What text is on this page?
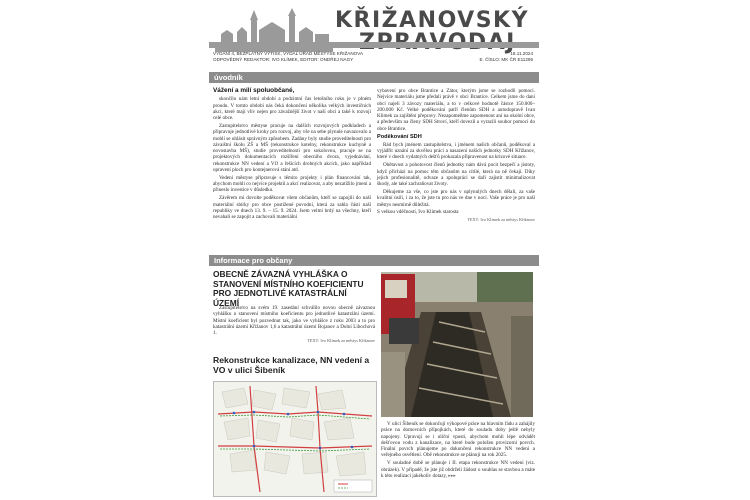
KŘIŽANOVSKÝ
VYDÁNÍ 4, BEZPLATNÝ VÝTISK, VYDAL ÚŘAD MĚSTYSE KŘIŽANOVA
ODPOVĚDNÝ REDAKTOR: IVO KLÍMEK, EDITOR: ONDŘEJ NAGY
18.11.2024
E. ČÍSLO: MK ČR E11295
úvodník
Vážení a milí spoluobčané,

skončilo nám letní období a podzimní čas letošního roku je v plném proudu. V tomto období nás čeká dokončení několika velkých investičních akcí, které mají vliv nejen pro závažnější život v naší obci a také k rozvoji celé obce.

Zastupitelstvo městyse pracuje na dalších rozvojových podkladech a připravuje jednotlivé kroky pro rozvoj, aby vše na sebe plynule navazovalo a mohlí se uhlásit správným způsobem. Zadány byly studie proveditelnosti pro závaištní školu ZŠ a MŠ (rekonstrukce kotelny, rekonstrukce kuchyně a novostavba MŠ), studie proveditelnosti pro sokolovnu, pracuje se na projektových dokumentacích rozšíření obecního dvora, vyjednávání, rekonstrukce NN vedení a VO a řešících drobných akcích, jako například opravení ploch pro kontejnerová stání atd.

Vedení městyse připravuje s těmito projekty i plán financování tak, abychom mohli co nejvíce projektů a akcí realizovat, a aby nezatížilo jmení a přineslo investice v důsledku.

Závěrem mi dovolte poděkovat všem občanům, kteří se zapojili do naší materiální sbírky pro obce postižené povodní, která za sahla části naší republiky ve dnech 13. 9. – 15. 9. 2024. Jsem velmi hrdý na všechny, kteří nevahali se zapojit a zachovali materiální

vybavení pro obce Brantice a Zátor, kterým jsme se rozhodli pomoci. Nejvíce materiálu jsme předali právě v obci Brantice. Celkem jsme do daní obcí najeli 3 závozy materiálu, a to v celkové hodnotě částce 150.000–200.000 Kč. Velké poděkování patří členům SDH a autodopravě Ivan Klimek za zajištění přepravy. Nezapomeňme zapomenout ani na okolní obce, a především na členy SDH Stroví, kteří dovezli a vyrazili soubor pomoci do obce Brantice.

Poděkování SDH

Rád bych jménem zastupitelstva, i jménem naších občanů, poděkoval a vyjádřit uznání za skvělou práci a nasazení našich jednotky SDH Křižanov, které v dnech vydatných dešťů prokazala připravenost na krizové situace.

Obětavost a pohotovost členů jednotky nám dává pocit bezpečí a jistoty, když přichází na pomoc těm občanům na cítilé, která na ně čekají. Díky jejich profesionalitě, odvaze a spolupráci se daří zajistit minimalizovat škody, ale také zachraňovat životy.

Děkujeme za vše, co jste pro nás v uplynulých dnech dělali, za vaše kvalitní úsilí, i za to, že jste tu pro nás ve dne v noci. Vaše práce je pro naši městys nesmírně důležitá.

S velkou vděčností, Ivo Klímek starosta

TEXT: Ivo Klímek za městys Křižanov
Informace pro občany
OBECNĚ ZÁVAZNÁ VYHLÁŠKA O STANOVENÍ MÍSTNÍHO KOEFICIENTU PRO JEDNOTLIVÉ KATASTRÁLNÍ ÚZEMÍ

Zastupitelstvo na svém 19. zasedání schválilo novou obecně závaznou vyhlášku o stanovení místního koeficientu pro jednotlivé katastrální území. Místní koeficient byl pozvednut tak, jako ve vyhlášce z roku 2003 a to pro katastrální území Křižanov 1,6 a katastrální území Bojanov a Dolní Libochová 1.

TEXT: Ivo Klímek za městys Křižanov
Rekonstrukce kanalizace, NN vedení a VO v ulici Šibeník

V ulici Šibeník se dokončují výkopové práce na hlavním řádu a zahájily práce na domovních přípojkách, které do souladu doby ještě nebyly napojeny. Upravují se i uliční vpusti, abychom mohli lépe odvádět dešťovou vodu z kanalizace, na které bude položen provizorní povrch. Finální povrch plánujeme po dokončení rekonstrukce NN vedení a veřejného osvětlení. Obě rekonstrukce se plánují na rok 2025.

V souladné době se plánuje i II. etapa rekonstrukce NN vedení (viz. obrázek). V případě, že jste již obdrželi žádost o souhlas se stavbou a máte k této realizaci jakékoliv dotazy, ▸▸▸
